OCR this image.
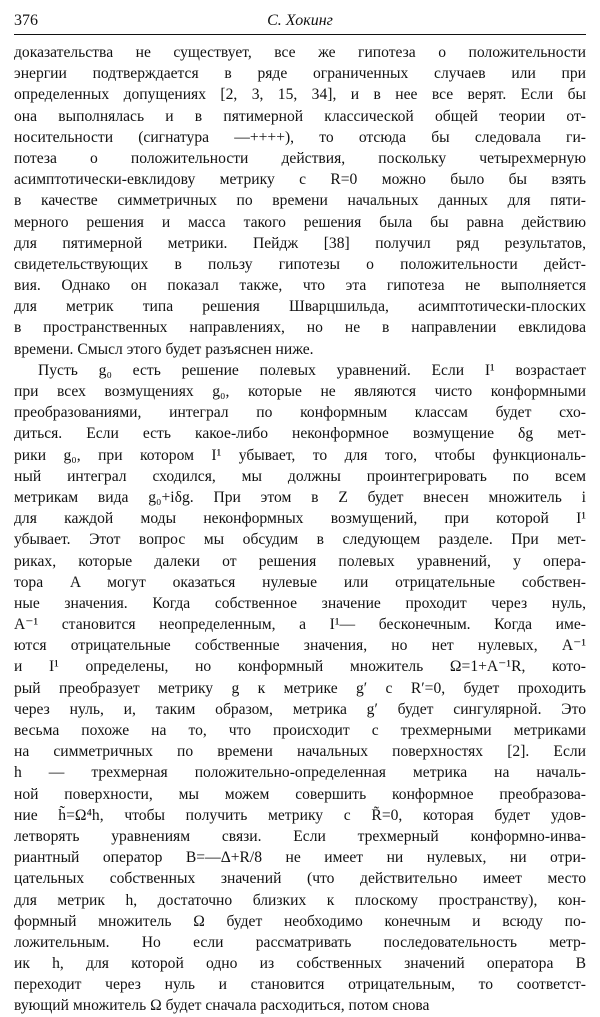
376	С. Хокинг
доказательства не существует, все же гипотеза о положительности
энергии подтверждается в ряде ограниченных случаев или при
определенных допущениях [2, 3, 15, 34], и в нее все верят. Если бы
она выполнялась и в пятимерной классической общей теории от-
носительности (сигнатура —++++), то отсюда бы следовала ги-
потеза о положительности действия, поскольку четырехмерную
асимптотически-евклидову метрику с R=0 можно было бы взять
в качестве симметричных по времени начальных данных для пяти-
мерного решения и масса такого решения была бы равна действию
для пятимерной метрики. Пейдж [38] получил ряд результатов,
свидетельствующих в пользу гипотезы о положительности дейст-
вия. Однако он показал также, что эта гипотеза не выполняется
для метрик типа решения Шварцшильда, асимптотически-плоских
в пространственных направлениях, но не в направлении евклидова
времени. Смысл этого будет разъяснен ниже.
Пусть g₀ есть решение полевых уравнений. Если I¹ возрастает
при всех возмущениях g₀, которые не являются чисто конформными
преобразованиями, интеграл по конформным классам будет схо-
диться. Если есть какое-либо неконформное возмущение δg мет-
рики g₀, при котором I¹ убывает, то для того, чтобы функциональ-
ный интеграл сходился, мы должны проинтегрировать по всем
метрикам вида g₀+iδg. При этом в Z будет внесен множитель i
для каждой моды неконформных возмущений, при которой I¹
убывает. Этот вопрос мы обсудим в следующем разделе. При мет-
риках, которые далеки от решения полевых уравнений, у опера-
тора A могут оказаться нулевые или отрицательные собствен-
ные значения. Когда собственное значение проходит через нуль,
A⁻¹ становится неопределенным, а I¹— бесконечным. Когда име-
ются отрицательные собственные значения, но нет нулевых, A⁻¹
и I¹ определены, но конформный множитель Ω=1+A⁻¹R, кото-
рый преобразует метрику g к метрике g′ с R′=0, будет проходить
через нуль, и, таким образом, метрика g′ будет сингулярной. Это
весьма похоже на то, что происходит с трехмерными метриками
на симметричных по времени начальных поверхностях [2]. Если
h — трехмерная положительно-определенная метрика на началь-
ной поверхности, мы можем совершить конформное преобразова-
ние h̃=Ω⁴h, чтобы получить метрику с R̃=0, которая будет удов-
летворять уравнениям связи. Если трехмерный конформно-инва-
риантный оператор B=—Δ+R/8 не имеет ни нулевых, ни отри-
цательных собственных значений (что действительно имеет место
для метрик h, достаточно близких к плоскому пространству), кон-
формный множитель Ω будет необходимо конечным и всюду по-
ложительным. Но если рассматривать последовательность метр-
ик h, для которой одно из собственных значений оператора B
переходит через нуль и становится отрицательным, то соответст-
вующий множитель Ω будет сначала расходиться, потом снова
